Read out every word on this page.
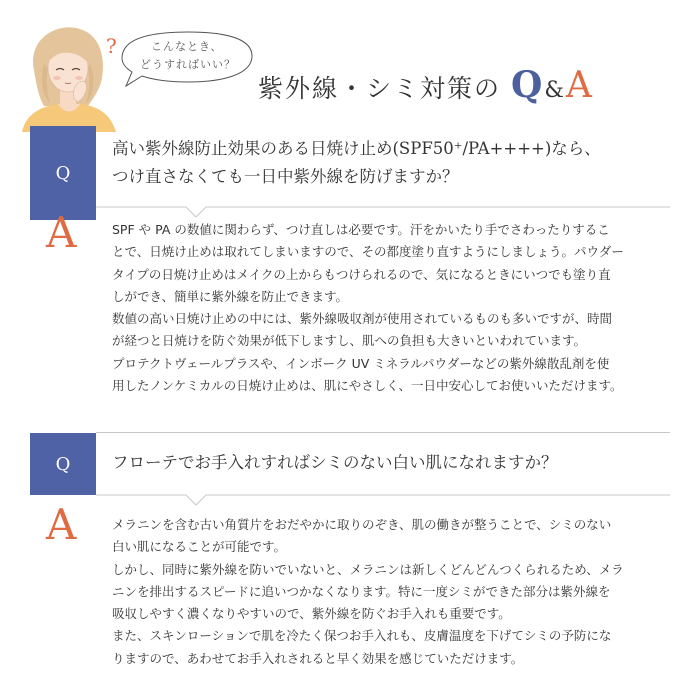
?	こんなとき、
どうすればいい？
紫外線・シミ対策の Q&A
Q
高い紫外線防止効果のある日焼け止め(SPF50⁺/PA++++)なら、
つけ直さなくても一日中紫外線を防げますか？
A	SPF や PA の数値に関わらず、つけ直しは必要です。汗をかいたり手でさわったりするこ
とで、日焼け止めは取れてしまいますので、その都度塗り直すようにしましょう。パウダー
タイプの日焼け止めはメイクの上からもつけられるので、気になるときにいつでも塗り直
しができ、簡単に紫外線を防止できます。
数値の高い日焼け止めの中には、紫外線吸収剤が使用されているものも多いですが、時間
が経つと日焼けを防ぐ効果が低下しますし、肌への負担も大きいといわれています。
プロテクトヴェールプラスや、インボーク UV ミネラルパウダーなどの紫外線散乱剤を使
用したノンケミカルの日焼け止めは、肌にやさしく、一日中安心してお使いいただけます。
Q	フローテでお手入れすればシミのない白い肌になれますか？
A	メラニンを含む古い角質片をおだやかに取りのぞき、肌の働きが整うことで、シミのない
白い肌になることが可能です。
しかし、同時に紫外線を防いでいないと、メラニンは新しくどんどんつくられるため、メラ
ニンを排出するスピードに追いつかなくなります。特に一度シミができた部分は紫外線を
吸収しやすく濃くなりやすいので、紫外線を防ぐお手入れも重要です。
また、スキンローションで肌を冷たく保つお手入れも、皮膚温度を下げてシミの予防にな
りますので、あわせてお手入れされると早く効果を感じていただけます。
